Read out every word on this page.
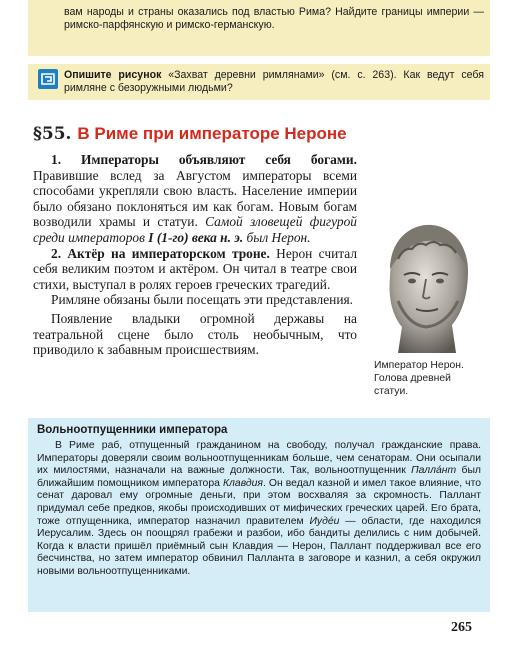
вам народы и страны оказались под властью Рима? Найдите границы империи — римско-парфянскую и римско-германскую.

Опишите рисунок «Захват деревни римлянами» (см. с. 263). Как ведут себя римляне с безоружными людьми?

§55. В Риме при императоре Нероне

1. Императоры объявляют себя богами. Правившие вслед за Августом императоры всеми способами укрепляли свою власть. Население империи было обязано поклоняться им как богам. Новым богам возводили храмы и статуи. Самой зловещей фигурой среди императоров I (1-го) века н. э. был Нерон.

2. Актёр на императорском троне. Нерон считал себя великим поэтом и актёром. Он читал в театре свои стихи, выступал в ролях героев греческих трагедий.

Римляне обязаны были посещать эти представления.

Появление владыки огромной державы на театральной сцене было столь необычным, что приводило к забавным происшествиям.

Император Нерон. Голова древней статуи.
Вольноотпущенники императора

В Риме раб, отпущенный гражданином на свободу, получал гражданские права. Императоры доверяли своим вольноотпущенникам больше, чем сенаторам. Они осыпали их милостями, назначали на важные должности. Так, вольноотпущенник Паллáнт был ближайшим помощником императора Клавдия. Он ведал казной и имел такое влияние, что сенат даровал ему огромные деньги, при этом восхваляя за скромность. Паллант придумал себе предков, якобы происходивших от мифических греческих царей. Его брата, тоже отпущенника, император назначил правителем Иудéи — области, где находился Иерусалим. Здесь он поощрял грабежи и разбои, ибо бандиты делились с ним добычей. Когда к власти пришёл приёмный сын Клавдия — Нерон, Паллант поддерживал все его бесчинства, но затем император обвинил Палланта в заговоре и казнил, а себя окружил новыми вольноотпущенниками.

265
